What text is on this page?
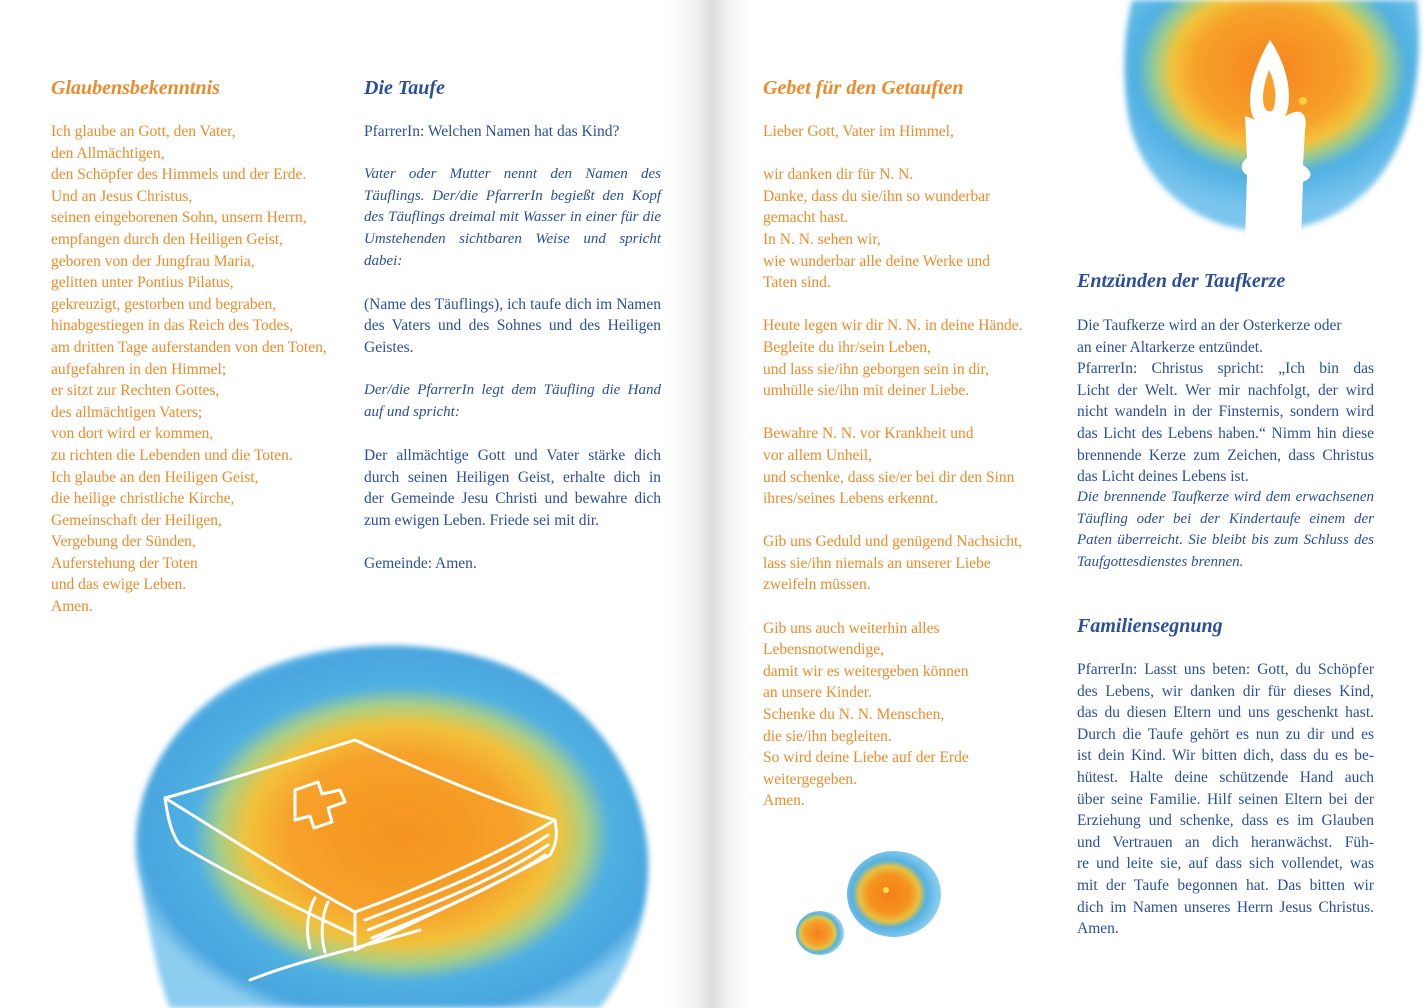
Glaubensbekenntnis
Ich glaube an Gott, den Vater,
den Allmächtigen,
den Schöpfer des Himmels und der Erde.
Und an Jesus Christus,
seinen eingeborenen Sohn, unsern Herrn,
empfangen durch den Heiligen Geist,
geboren von der Jungfrau Maria,
gelitten unter Pontius Pilatus,
gekreuzigt, gestorben und begraben,
hinabgestiegen in das Reich des Todes,
am dritten Tage auferstanden von den Toten,
aufgefahren in den Himmel;
er sitzt zur Rechten Gottes,
des allmächtigen Vaters;
von dort wird er kommen,
zu richten die Lebenden und die Toten.
Ich glaube an den Heiligen Geist,
die heilige christliche Kirche,
Gemeinschaft der Heiligen,
Vergebung der Sünden,
Auferstehung der Toten
und das ewige Leben.
Amen.
Die Taufe
PfarrerIn: Welchen Namen hat das Kind?
Vater oder Mutter nennt den Namen des
Täuflings. Der/die PfarrerIn begießt den Kopf
des Täuflings dreimal mit Wasser in einer für die
Umstehenden sichtbaren Weise und spricht dabei:
(Name des Täuflings), ich taufe dich im Namen
des Vaters und des Sohnes und des Heiligen
Geistes.
Der/die PfarrerIn legt dem Täufling die Hand
auf und spricht:
Der allmächtige Gott und Vater stärke dich
durch seinen Heiligen Geist, erhalte dich in
der Gemeinde Jesu Christi und bewahre dich
zum ewigen Leben. Friede sei mit dir.
Gemeinde: Amen.
Gebet für den Getauften
Lieber Gott, Vater im Himmel,
wir danken dir für N. N.
Danke, dass du sie/ihn so wunderbar
gemacht hast.
In N. N. sehen wir,
wie wunderbar alle deine Werke und
Taten sind.
Heute legen wir dir N. N. in deine Hände.
Begleite du ihr/sein Leben,
und lass sie/ihn geborgen sein in dir,
umhülle sie/ihn mit deiner Liebe.
Bewahre N. N. vor Krankheit und
vor allem Unheil,
und schenke, dass sie/er bei dir den Sinn
ihres/seines Lebens erkennt.
Gib uns Geduld und genügend Nachsicht,
lass sie/ihn niemals an unserer Liebe
zweifeln müssen.
Gib uns auch weiterhin alles
Lebensnotwendige,
damit wir es weitergeben können
an unsere Kinder.
Schenke du N. N. Menschen,
die sie/ihn begleiten.
So wird deine Liebe auf der Erde
weitergegeben.
Amen.
Entzünden der Taufkerze
Die Taufkerze wird an der Osterkerze oder
an einer Altarkerze entzündet.
PfarrerIn: Christus spricht: „Ich bin das
Licht der Welt. Wer mir nachfolgt, der wird
nicht wandeln in der Finsternis, sondern wird
das Licht des Lebens haben.“ Nimm hin diese
brennende Kerze zum Zeichen, dass Christus
das Licht deines Lebens ist.
Die brennende Taufkerze wird dem erwachsenen
Täufling oder bei der Kindertaufe einem der
Paten überreicht. Sie bleibt bis zum Schluss des
Taufgottesdienstes brennen.
Familiensegnung
PfarrerIn: Lasst uns beten: Gott, du Schöpfer
des Lebens, wir danken dir für dieses Kind,
das du diesen Eltern und uns geschenkt hast.
Durch die Taufe gehört es nun zu dir und es
ist dein Kind. Wir bitten dich, dass du es be-
hütest. Halte deine schützende Hand auch
über seine Familie. Hilf seinen Eltern bei der
Erziehung und schenke, dass es im Glauben
und Vertrauen an dich heranwächst. Füh-
re und leite sie, auf dass sich vollendet, was
mit der Taufe begonnen hat. Das bitten wir
dich im Namen unseres Herrn Jesus Christus.
Amen.
